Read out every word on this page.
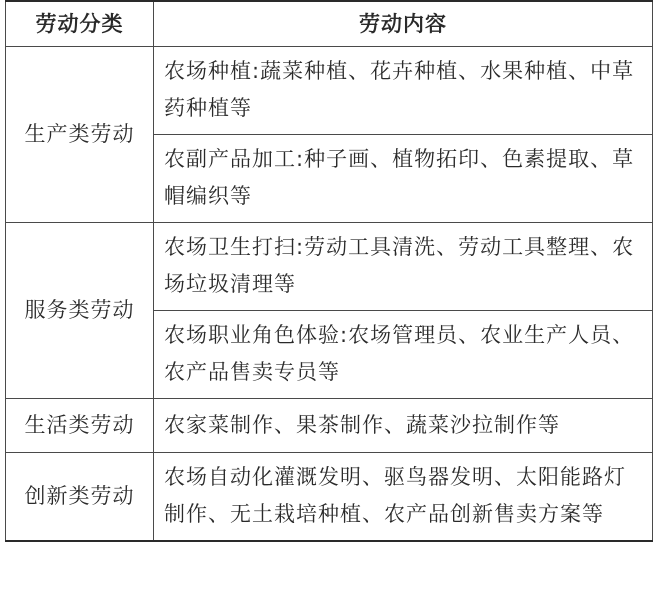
劳动分类	劳动内容
生产类劳动	农场种植:蔬菜种植、花卉种植、水果种植、中草药种植等
	农副产品加工:种子画、植物拓印、色素提取、草帽编织等
服务类劳动	农场卫生打扫:劳动工具清洗、劳动工具整理、农场垃圾清理等
	农场职业角色体验:农场管理员、农业生产人员、农产品售卖专员等
生活类劳动	农家菜制作、果茶制作、蔬菜沙拉制作等
创新类劳动	农场自动化灌溉发明、驱鸟器发明、太阳能路灯制作、无土栽培种植、农产品创新售卖方案等
